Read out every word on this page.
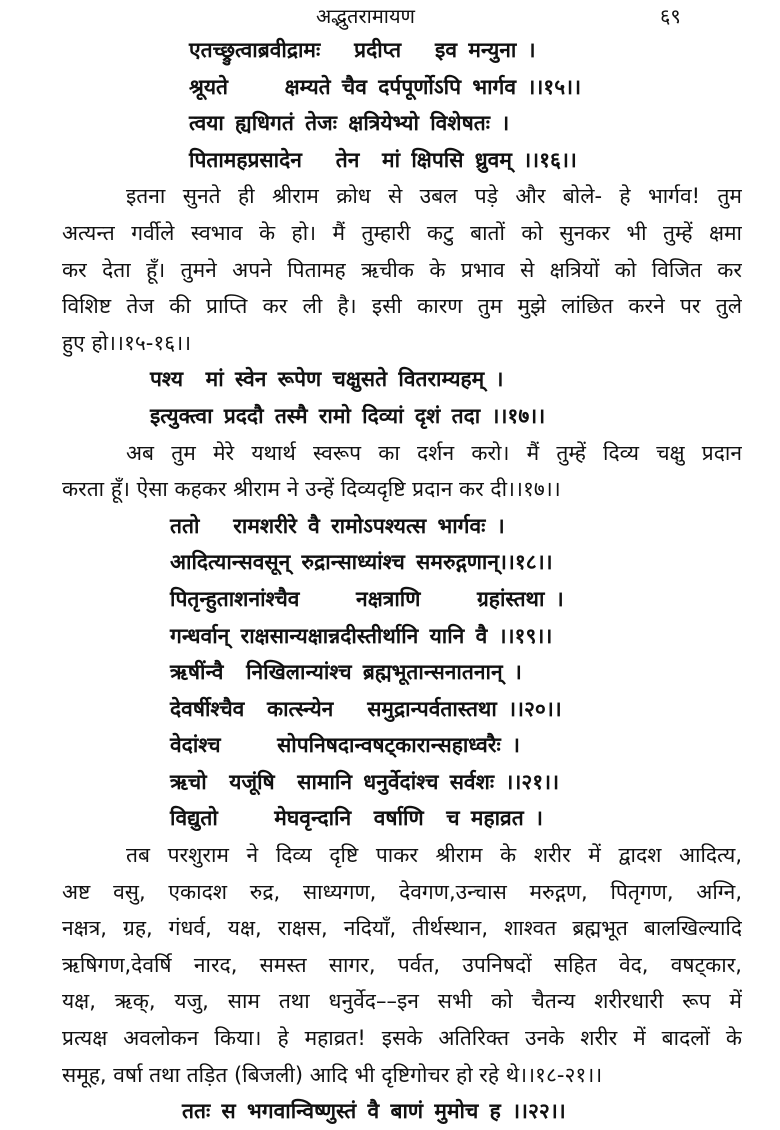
अद्भुतरामायण	६९
एतच्छ्रुत्वाब्रवीद्रामः   प्रदीप्त   इव मन्युना ।
श्रूयते     क्षम्यते चैव दर्पपूर्णोऽपि भार्गव ।।१५।।
त्वया ह्यधिगतं तेजः क्षत्रियेभ्यो विशेषतः ।
पितामहप्रसादेन   तेन  मां क्षिपसि ध्रुवम् ।।१६।।
इतना सुनते ही श्रीराम क्रोध से उबल पड़े और बोले- हे भार्गव! तुम
अत्यन्त गर्वीले स्वभाव के हो। मैं तुम्हारी कटु बातों को सुनकर भी तुम्हें क्षमा
कर देता हूँ। तुमने अपने पितामह ऋचीक के प्रभाव से क्षत्रियों को विजित कर
विशिष्ट तेज की प्राप्ति कर ली है। इसी कारण तुम मुझे लांछित करने पर तुले
हुए हो।।१५-१६।।
पश्य  मां स्वेन रूपेण चक्षुसते वितराम्यहम् ।
इत्युक्त्वा प्रददौ तस्मै रामो दिव्यां दृशं तदा ।।१७।।
अब तुम मेरे यथार्थ स्वरूप का दर्शन करो। मैं तुम्हें दिव्य चक्षु प्रदान
करता हूँ। ऐसा कहकर श्रीराम ने उन्हें दिव्यदृष्टि प्रदान कर दी।।१७।।
ततो   रामशरीरे वै रामोऽपश्यत्स भार्गवः ।
आदित्यान्सवसून् रुद्रान्साध्यांश्च समरुद्गणान्।।१८।।
पितृन्हुताशनांश्चैव     नक्षत्राणि     ग्रहांस्तथा ।
गन्धर्वान् राक्षसान्यक्षान्नदीस्तीर्थानि यानि वै ।।१९।।
ऋषींन्वै  निखिलान्यांश्च ब्रह्मभूतान्सनातनान् ।
देवर्षीश्चैव  कात्स्न्येन   समुद्रान्पर्वतास्तथा ।।२०।।
वेदांश्च     सोपनिषदान्वषट्कारान्सहाध्वरैः ।
ऋचो  यजूंषि  सामानि धनुर्वेदांश्च सर्वशः ।।२१।।
विद्युतो     मेघवृन्दानि  वर्षाणि  च महाव्रत ।
तब परशुराम ने दिव्य दृष्टि पाकर श्रीराम के शरीर में द्वादश आदित्य,
अष्ट वसु, एकादश रुद्र, साध्यगण, देवगण,उन्चास मरुद्गण, पितृगण, अग्नि,
नक्षत्र, ग्रह, गंधर्व, यक्ष, राक्षस, नदियाँ, तीर्थस्थान, शाश्वत ब्रह्मभूत बालखिल्यादि
ऋषिगण,देवर्षि नारद, समस्त सागर, पर्वत, उपनिषदों सहित वेद, वषट्कार,
यक्ष, ऋक्, यजु, साम तथा धनुर्वेद––इन सभी को चैतन्य शरीरधारी रूप में
प्रत्यक्ष अवलोकन किया। हे महाव्रत! इसके अतिरिक्त उनके शरीर में बादलों के
समूह, वर्षा तथा तड़ित (बिजली) आदि भी दृष्टिगोचर हो रहे थे।।१८-२१।।
ततः स भगवान्विष्णुस्तं वै बाणं मुमोच ह ।।२२।।
